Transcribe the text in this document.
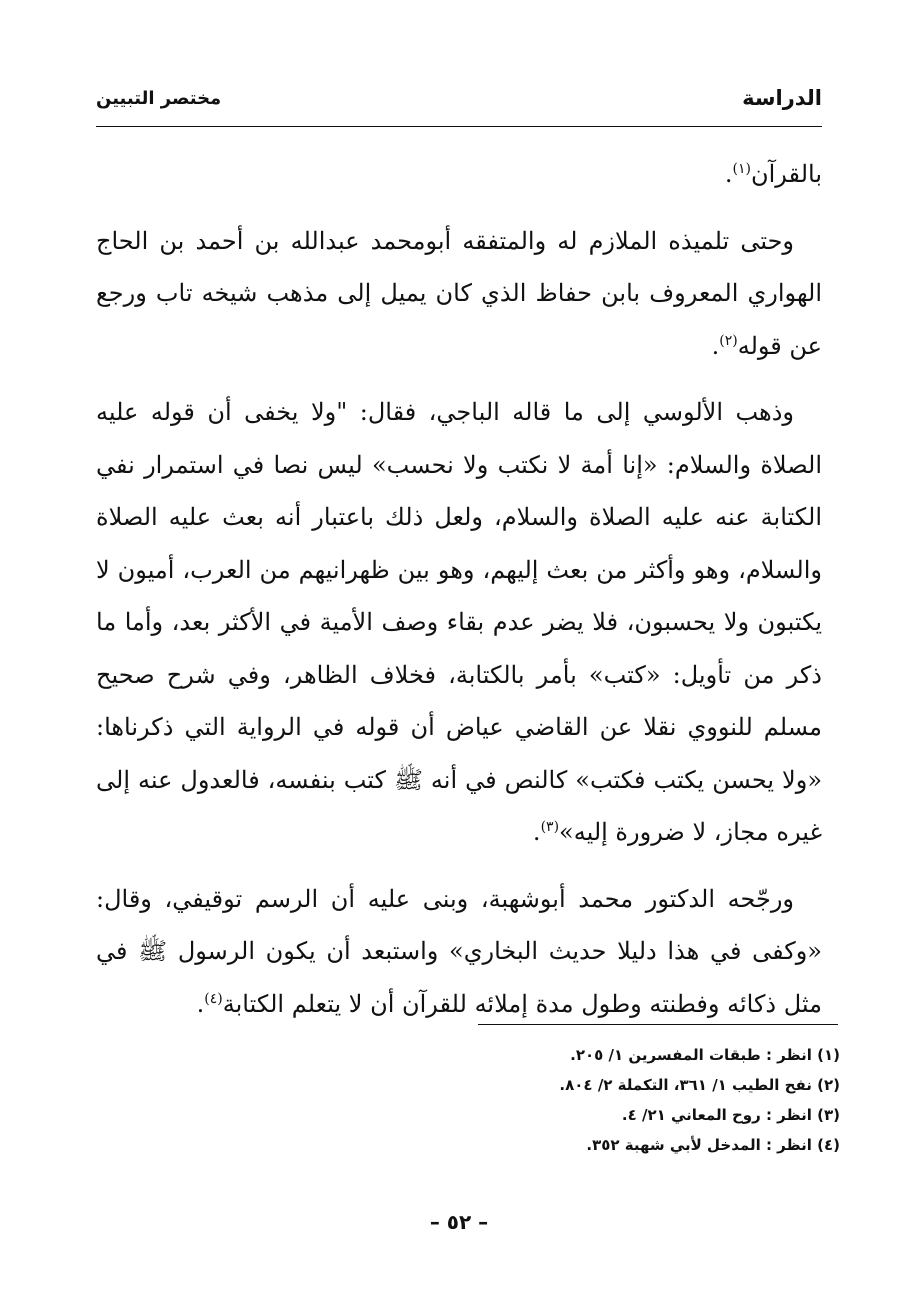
الدراسة
مختصر التبيين

بالقرآن$^{(١)}$.

وحتى تلميذه الملازم له والمتفقه أبومحمد عبدالله بن أحمد بن الحاج الهواري المعروف بابن حفاظ الذي كان يميل إلى مذهب شيخه تاب ورجع عن قوله$^{(٢)}$.

وذهب الألوسي إلى ما قاله الباجي، فقال: "ولا يخفى أن قوله عليه الصلاة والسلام: «إنا أمة لا نكتب ولا نحسب» ليس نصا في استمرار نفي الكتابة عنه عليه الصلاة والسلام، ولعل ذلك باعتبار أنه بعث عليه الصلاة والسلام، وهو وأكثر من بعث إليهم، وهو بين ظهرانيهم من العرب، أميون لا يكتبون ولا يحسبون، فلا يضر عدم بقاء وصف الأمية في الأكثر بعد، وأما ما ذكر من تأويل: «كتب» بأمر بالكتابة، فخلاف الظاهر، وفي شرح صحيح مسلم للنووي نقلا عن القاضي عياض أن قوله في الرواية التي ذكرناها: «ولا يحسن يكتب فكتب» كالنص في أنه ﷺ كتب بنفسه، فالعدول عنه إلى غيره مجاز، لا ضرورة إليه»$^{(٣)}$.

ورجّحه الدكتور محمد أبوشهبة، وبنى عليه أن الرسم توقيفي، وقال: «وكفى في هذا دليلا حديث البخاري» واستبعد أن يكون الرسول ﷺ في مثل ذكائه وفطنته وطول مدة إملائه للقرآن أن لا يتعلم الكتابة$^{(٤)}$.

(١) انظر : طبقات المفسرين ١/ ٢٠٥.
(٢) نفح الطيب ١/ ٣٦١، التكملة ٢/ ٨٠٤.
(٣) انظر : روح المعاني ٢١/ ٤.
(٤) انظر : المدخل لأبي شهبة ٣٥٢.
– ٥٢ –
